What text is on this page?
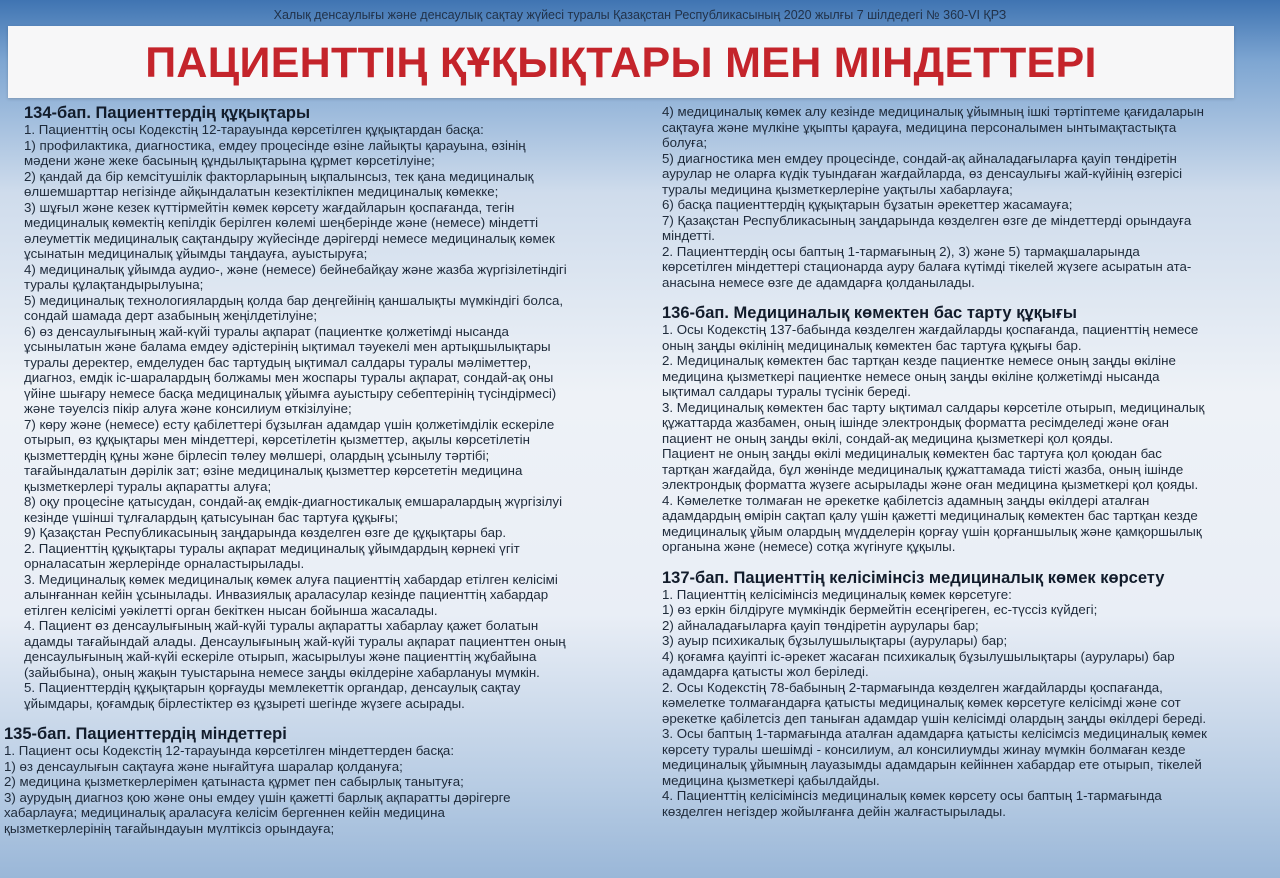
Халық денсаулығы және денсаулық сақтау жүйесі туралы Қазақстан Республикасының 2020 жылғы 7 шілдедегі № 360-VI ҚРЗ
ПАЦИЕНТТІҢ ҚҰҚЫҚТАРЫ МЕН МІНДЕТТЕРІ
134-бап. Пациенттердің құқықтары
1. Пациенттің осы Кодекстің 12-тарауында көрсетілген құқықтардан басқа:
1) профилактика, диагностика, емдеу процесінде өзіне лайықты қарауына, өзінің
мәдени және жеке басының құндылықтарына құрмет көрсетілуіне;
2) қандай да бір кемсітушілік факторларының ықпалынсыз, тек қана медициналық
өлшемшарттар негізінде айқындалатын кезектілікпен медициналық көмекке;
3) шұғыл және кезек күттірмейтін көмек көрсету жағдайларын қоспағанда, тегін
медициналық көмектің кепілдік берілген көлемі шеңберінде және (немесе) міндетті
әлеуметтік медициналық сақтандыру жүйесінде дәрігерді немесе медициналық көмек
ұсынатын медициналық ұйымды таңдауға, ауыстыруға;
4) медициналық ұйымда аудио-, және (немесе) бейнебайқау және жазба жүргізілетіндігі
туралы құлақтандырылуына;
5) медициналық технологиялардың қолда бар деңгейінің қаншалықты мүмкіндігі болса,
сондай шамада дерт азабының жеңілдетілуіне;
6) өз денсаулығының жай-күйі туралы ақпарат (пациентке қолжетімді нысанда
ұсынылатын және балама емдеу әдістерінің ықтимал тәуекелі мен артықшылықтары
туралы деректер, емделуден бас тартудың ықтимал салдары туралы мәліметтер,
диагноз, емдік іс-шаралардың болжамы мен жоспары туралы ақпарат, сондай-ақ оны
үйіне шығару немесе басқа медициналық ұйымға ауыстыру себептерінің түсіндірмесі)
және тәуелсіз пікір алуға және консилиум өткізілуіне;
7) көру және (немесе) есту қабілеттері бұзылған адамдар үшін қолжетімділік ескеріле
отырып, өз құқықтары мен міндеттері, көрсетілетін қызметтер, ақылы көрсетілетін
қызметтердің құны және бірлесіп төлеу мөлшері, олардың ұсынылу тәртібі;
тағайындалатын дәрілік зат; өзіне медициналық қызметтер көрсететін медицина
қызметкерлері туралы ақпаратты алуға;
8) оқу процесіне қатысудан, сондай-ақ емдік-диагностикалық емшаралардың жүргізілуі
кезінде үшінші тұлғалардың қатысуынан бас тартуға құқығы;
9) Қазақстан Республикасының заңдарында көзделген өзге де құқықтары бар.
2. Пациенттің құқықтары туралы ақпарат медициналық ұйымдардың көрнекі үгіт
орналасатын жерлерінде орналастырылады.
3. Медициналық көмек медициналық көмек алуға пациенттің хабардар етілген келісімі
алынғаннан кейін ұсынылады. Инвазиялық араласулар кезінде пациенттің хабардар
етілген келісімі уәкілетті орган бекіткен нысан бойынша жасалады.
4. Пациент өз денсаулығының жай-күйі туралы ақпаратты хабарлау қажет болатын
адамды тағайындай алады. Денсаулығының жай-күйі туралы ақпарат пациенттен оның
денсаулығының жай-күйі ескеріле отырып, жасырылуы және пациенттің жұбайына
(зайыбына), оның жақын туыстарына немесе заңды өкілдеріне хабарлануы мүмкін.
5. Пациенттердің құқықтарын қорғауды мемлекеттік органдар, денсаулық сақтау
ұйымдары, қоғамдық бірлестіктер өз құзыреті шегінде жүзеге асырады.
135-бап. Пациенттердің міндеттері
1. Пациент осы Кодекстің 12-тарауында көрсетілген міндеттерден басқа:
1) өз денсаулығын сақтауға және нығайтуға шаралар қолдануға;
2) медицина қызметкерлерімен қатынаста құрмет пен сабырлық танытуға;
3) аурудың диагноз қою және оны емдеу үшін қажетті барлық ақпаратты дәрігерге
хабарлауға; медициналық араласуға келісім бергеннен кейін медицина
қызметкерлерінің тағайындауын мүлтіксіз орындауға;
4) медициналық көмек алу кезінде медициналық ұйымның ішкі тәртіптеме қағидаларын
сақтауға және мүлкіне ұқыпты қарауға, медицина персоналымен ынтымақтастықта
болуға;
5) диагностика мен емдеу процесінде, сондай-ақ айналадағыларға қауіп төндіретін
аурулар не оларға күдік туындаған жағдайларда, өз денсаулығы жай-күйінің өзгерісі
туралы медицина қызметкерлеріне уақтылы хабарлауға;
6) басқа пациенттердің құқықтарын бұзатын әрекеттер жасамауға;
7) Қазақстан Республикасының заңдарында көзделген өзге де міндеттерді орындауға
міндетті.
2. Пациенттердің осы баптың 1-тармағының 2), 3) және 5) тармақшаларында
көрсетілген міндеттері стационарда ауру балаға күтімді тікелей жүзеге асыратын ата-
анасына немесе өзге де адамдарға қолданылады.
136-бап. Медициналық көмектен бас тарту құқығы
1. Осы Кодекстің 137-бабында көзделген жағдайларды қоспағанда, пациенттің немесе
оның заңды өкілінің медициналық көмектен бас тартуға құқығы бар.
2. Медициналық көмектен бас тартқан кезде пациентке немесе оның заңды өкіліне
медицина қызметкері пациентке немесе оның заңды өкіліне қолжетімді нысанда
ықтимал салдары туралы түсінік береді.
3. Медициналық көмектен бас тарту ықтимал салдары көрсетіле отырып, медициналық
құжаттарда жазбамен, оның ішінде электрондық форматта ресімделеді және оған
пациент не оның заңды өкілі, сондай-ақ медицина қызметкері қол қояды.
Пациент не оның заңды өкілі медициналық көмектен бас тартуға қол қоюдан бас
тартқан жағдайда, бұл жөнінде медициналық құжаттамада тиісті жазба, оның ішінде
электрондық форматта жүзеге асырылады және оған медицина қызметкері қол қояды.
4. Кәмелетке толмаған не әрекетке қабілетсіз адамның заңды өкілдері аталған
адамдардың өмірін сақтап қалу үшін қажетті медициналық көмектен бас тартқан кезде
медициналық ұйым олардың мүдделерін қорғау үшін қорғаншылық және қамқоршылық
органына және (немесе) сотқа жүгінуге құқылы.
137-бап. Пациенттің келісімінсіз медициналық көмек көрсету
1. Пациенттің келісімінсіз медициналық көмек көрсетуге:
1) өз еркін білдіруге мүмкіндік бермейтін есеңгіреген, ес-түссіз күйдегі;
2) айналадағыларға қауіп төндіретін аурулары бар;
3) ауыр психикалық бұзылушылықтары (аурулары) бар;
4) қоғамға қауіпті іс-әрекет жасаған психикалық бұзылушылықтары (аурулары) бар
адамдарға қатысты жол беріледі.
2. Осы Кодекстің 78-бабының 2-тармағында көзделген жағдайларды қоспағанда,
кәмелетке толмағандарға қатысты медициналық көмек көрсетуге келісімді және сот
әрекетке қабілетсіз деп таныған адамдар үшін келісімді олардың заңды өкілдері береді.
3. Осы баптың 1-тармағында аталған адамдарға қатысты келісімсіз медициналық көмек
көрсету туралы шешімді - консилиум, ал консилиумды жинау мүмкін болмаған кезде
медициналық ұйымның лауазымды адамдарын кейіннен хабардар ете отырып, тікелей
медицина қызметкері қабылдайды.
4. Пациенттің келісімінсіз медициналық көмек көрсету осы баптың 1-тармағында
көзделген негіздер жойылғанға дейін жалғастырылады.
